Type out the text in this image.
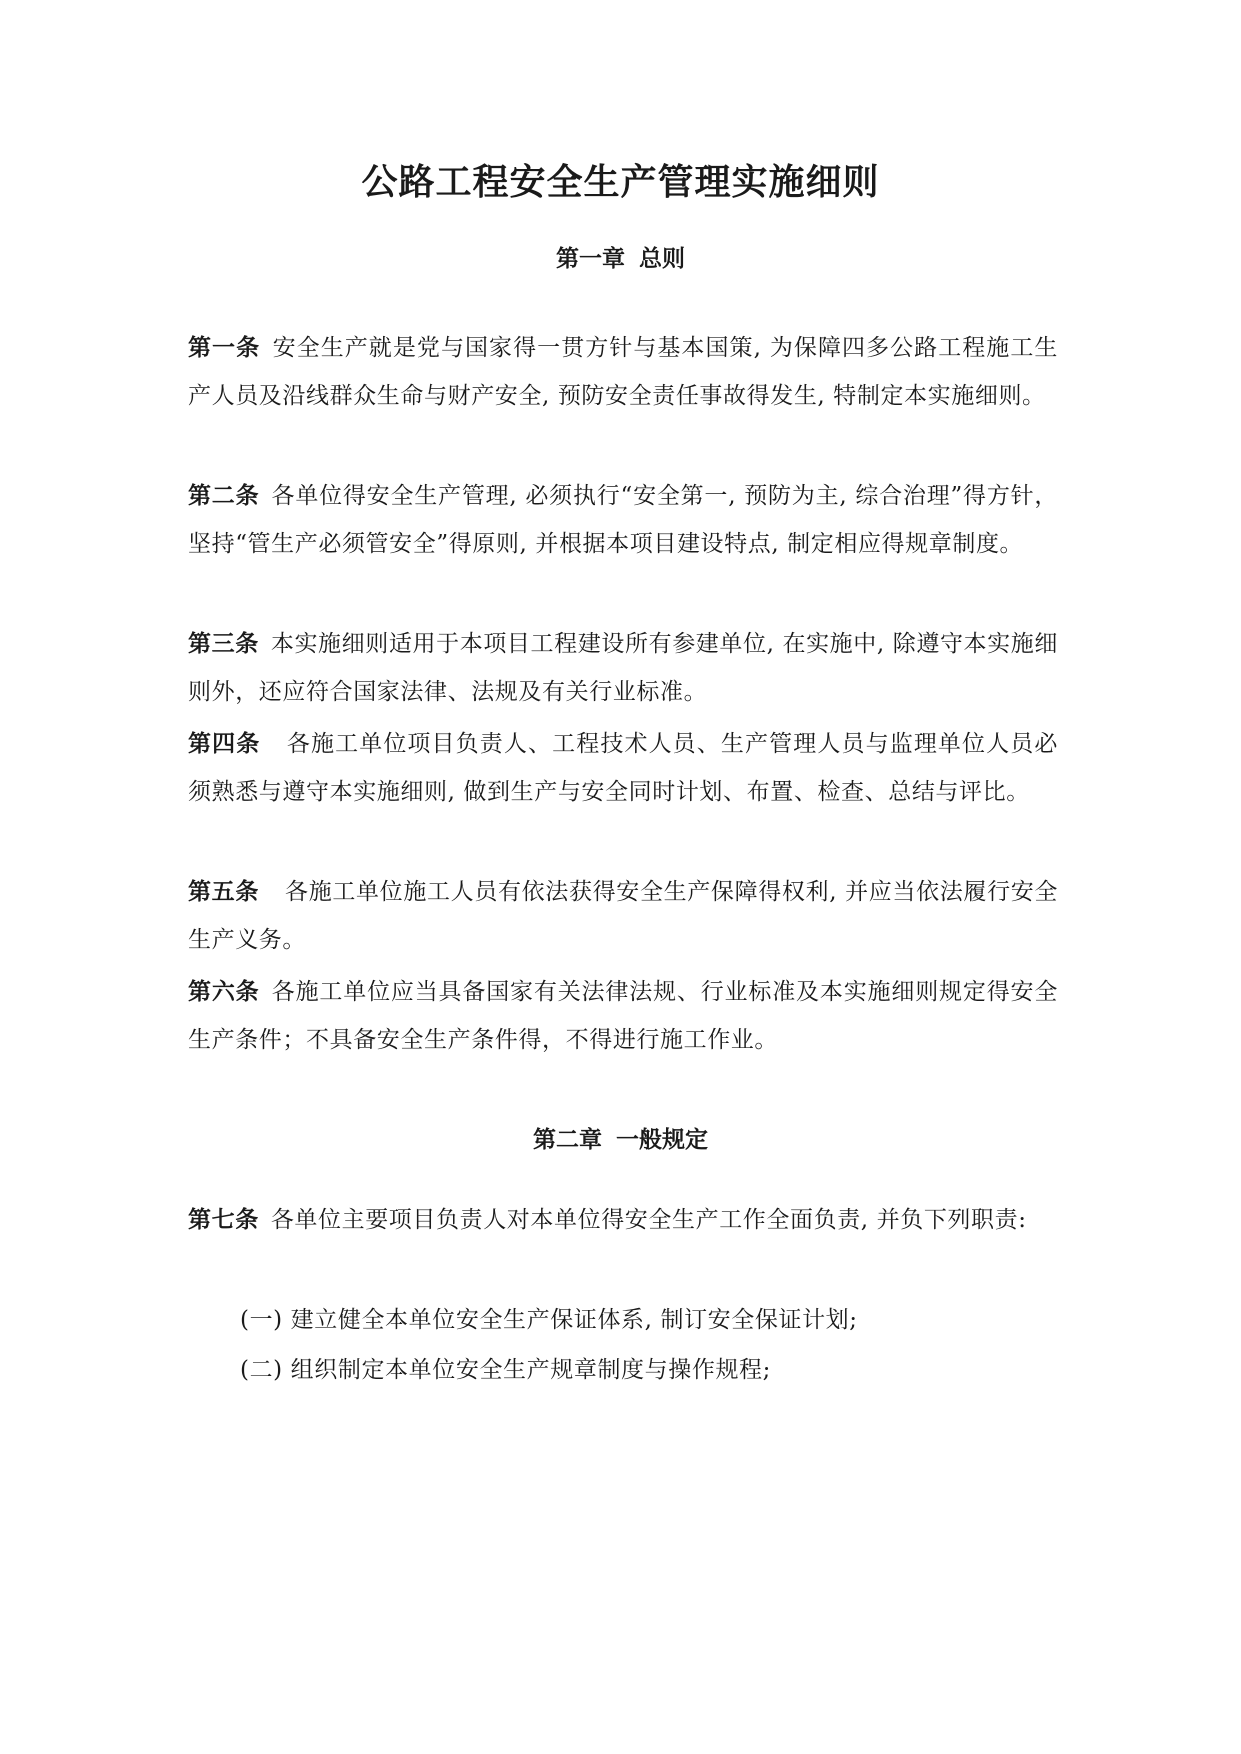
公路工程安全生产管理实施细则
第一章 总则
第一条 安全生产就是党与国家得一贯方针与基本国策, 为保障四多公路工程施工生产人员及沿线群众生命与财产安全, 预防安全责任事故得发生, 特制定本实施细则。
第二条 各单位得安全生产管理, 必须执行“安全第一, 预防为主, 综合治理”得方针，坚持“管生产必须管安全”得原则, 并根据本项目建设特点, 制定相应得规章制度。
第三条 本实施细则适用于本项目工程建设所有参建单位, 在实施中, 除遵守本实施细则外，还应符合国家法律、法规及有关行业标准。
第四条 各施工单位项目负责人、工程技术人员、生产管理人员与监理单位人员必须熟悉与遵守本实施细则, 做到生产与安全同时计划、布置、检查、总结与评比。
第五条 各施工单位施工人员有依法获得安全生产保障得权利, 并应当依法履行安全生产义务。
第六条 各施工单位应当具备国家有关法律法规、行业标准及本实施细则规定得安全生产条件；不具备安全生产条件得，不得进行施工作业。
第二章 一般规定
第七条 各单位主要项目负责人对本单位得安全生产工作全面负责, 并负下列职责:
(一) 建立健全本单位安全生产保证体系, 制订安全保证计划;
(二) 组织制定本单位安全生产规章制度与操作规程;
